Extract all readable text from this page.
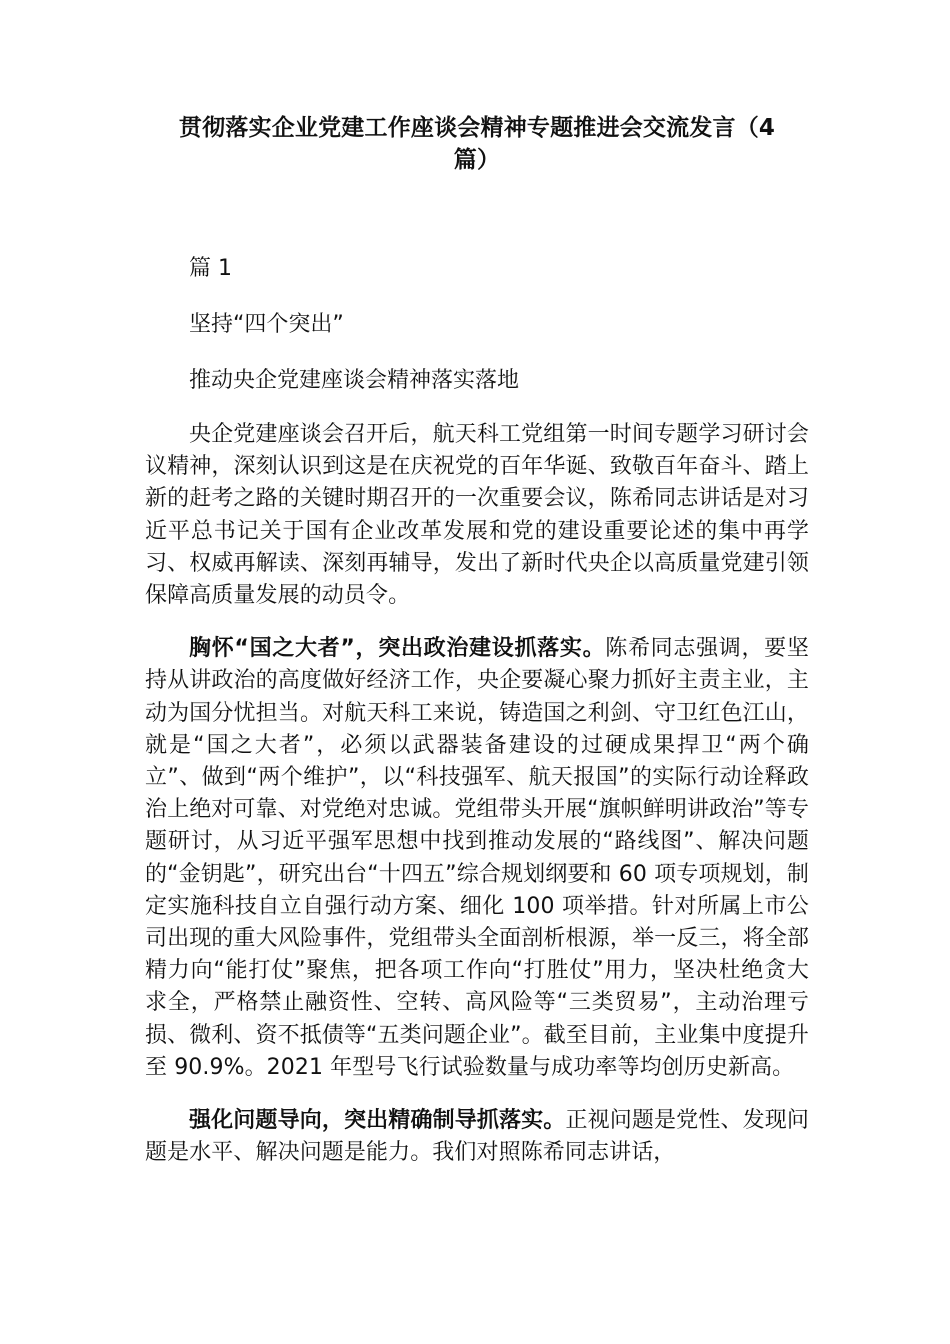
贯彻落实企业党建工作座谈会精神专题推进会交流发言（4
篇）

篇 1

坚持“四个突出”

推动央企党建座谈会精神落实落地

央企党建座谈会召开后，航天科工党组第一时间专题学习研讨会议精神，深刻认识到这是在庆祝党的百年华诞、致敬百年奋斗、踏上新的赶考之路的关键时期召开的一次重要会议，陈希同志讲话是对习近平总书记关于国有企业改革发展和党的建设重要论述的集中再学习、权威再解读、深刻再辅导，发出了新时代央企以高质量党建引领保障高质量发展的动员令。

胸怀“国之大者”，突出政治建设抓落实。陈希同志强调，要坚持从讲政治的高度做好经济工作，央企要凝心聚力抓好主责主业，主动为国分忧担当。对航天科工来说，铸造国之利剑、守卫红色江山，就是“国之大者”，必须以武器装备建设的过硬成果捍卫“两个确立”、做到“两个维护”，以“科技强军、航天报国”的实际行动诠释政治上绝对可靠、对党绝对忠诚。党组带头开展“旗帜鲜明讲政治”等专题研讨，从习近平强军思想中找到推动发展的“路线图”、解决问题的“金钥匙”，研究出台“十四五”综合规划纲要和 60 项专项规划，制定实施科技自立自强行动方案、细化 100 项举措。针对所属上市公司出现的重大风险事件，党组带头全面剖析根源，举一反三，将全部精力向“能打仗”聚焦，把各项工作向“打胜仗”用力，坚决杜绝贪大求全，严格禁止融资性、空转、高风险等“三类贸易”，主动治理亏损、微利、资不抵债等“五类问题企业”。截至目前，主业集中度提升至 90.9%。2021 年型号飞行试验数量与成功率等均创历史新高。

强化问题导向，突出精确制导抓落实。正视问题是党性、发现问题是水平、解决问题是能力。我们对照陈希同志讲话，
